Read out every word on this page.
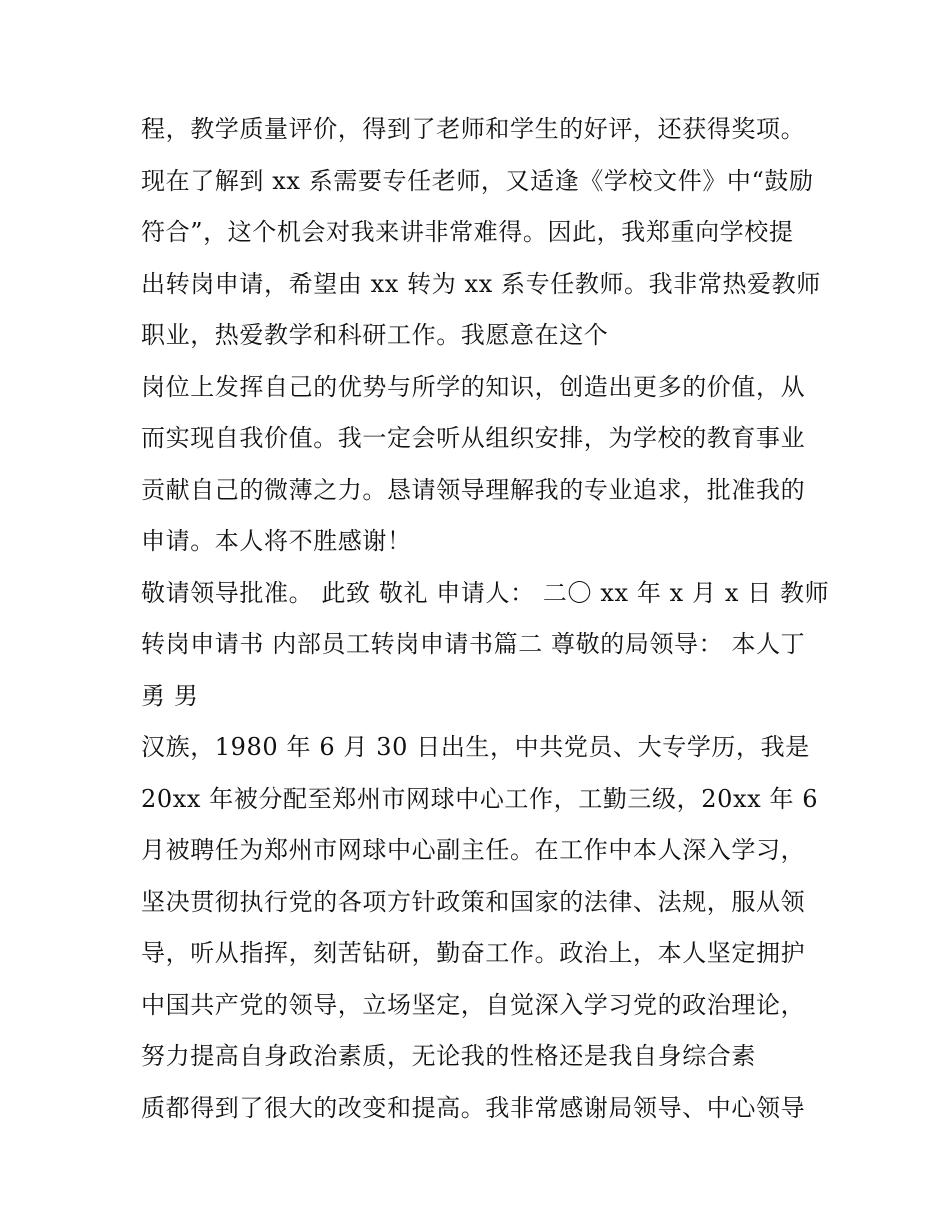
程，教学质量评价，得到了老师和学生的好评，还获得奖项。
现在了解到 xx 系需要专任老师，又适逢《学校文件》中“鼓励
符合”，这个机会对我来讲非常难得。因此，我郑重向学校提
出转岗申请，希望由 xx 转为 xx 系专任教师。我非常热爱教师
职业，热爱教学和科研工作。我愿意在这个
岗位上发挥自己的优势与所学的知识，创造出更多的价值，从
而实现自我价值。我一定会听从组织安排，为学校的教育事业
贡献自己的微薄之力。恳请领导理解我的专业追求，批准我的
申请。本人将不胜感谢！
敬请领导批准。 此致 敬礼 申请人： 二〇 xx 年 x 月 x 日 教师
转岗申请书 内部员工转岗申请书篇二 尊敬的局领导： 本人丁
勇 男
汉族，1980 年 6 月 30 日出生，中共党员、大专学历，我是
20xx 年被分配至郑州市网球中心工作，工勤三级，20xx 年 6
月被聘任为郑州市网球中心副主任。在工作中本人深入学习，
坚决贯彻执行党的各项方针政策和国家的法律、法规，服从领
导，听从指挥，刻苦钻研，勤奋工作。政治上，本人坚定拥护
中国共产党的领导，立场坚定，自觉深入学习党的政治理论，
努力提高自身政治素质，无论我的性格还是我自身综合素
质都得到了很大的改变和提高。我非常感谢局领导、中心领导
